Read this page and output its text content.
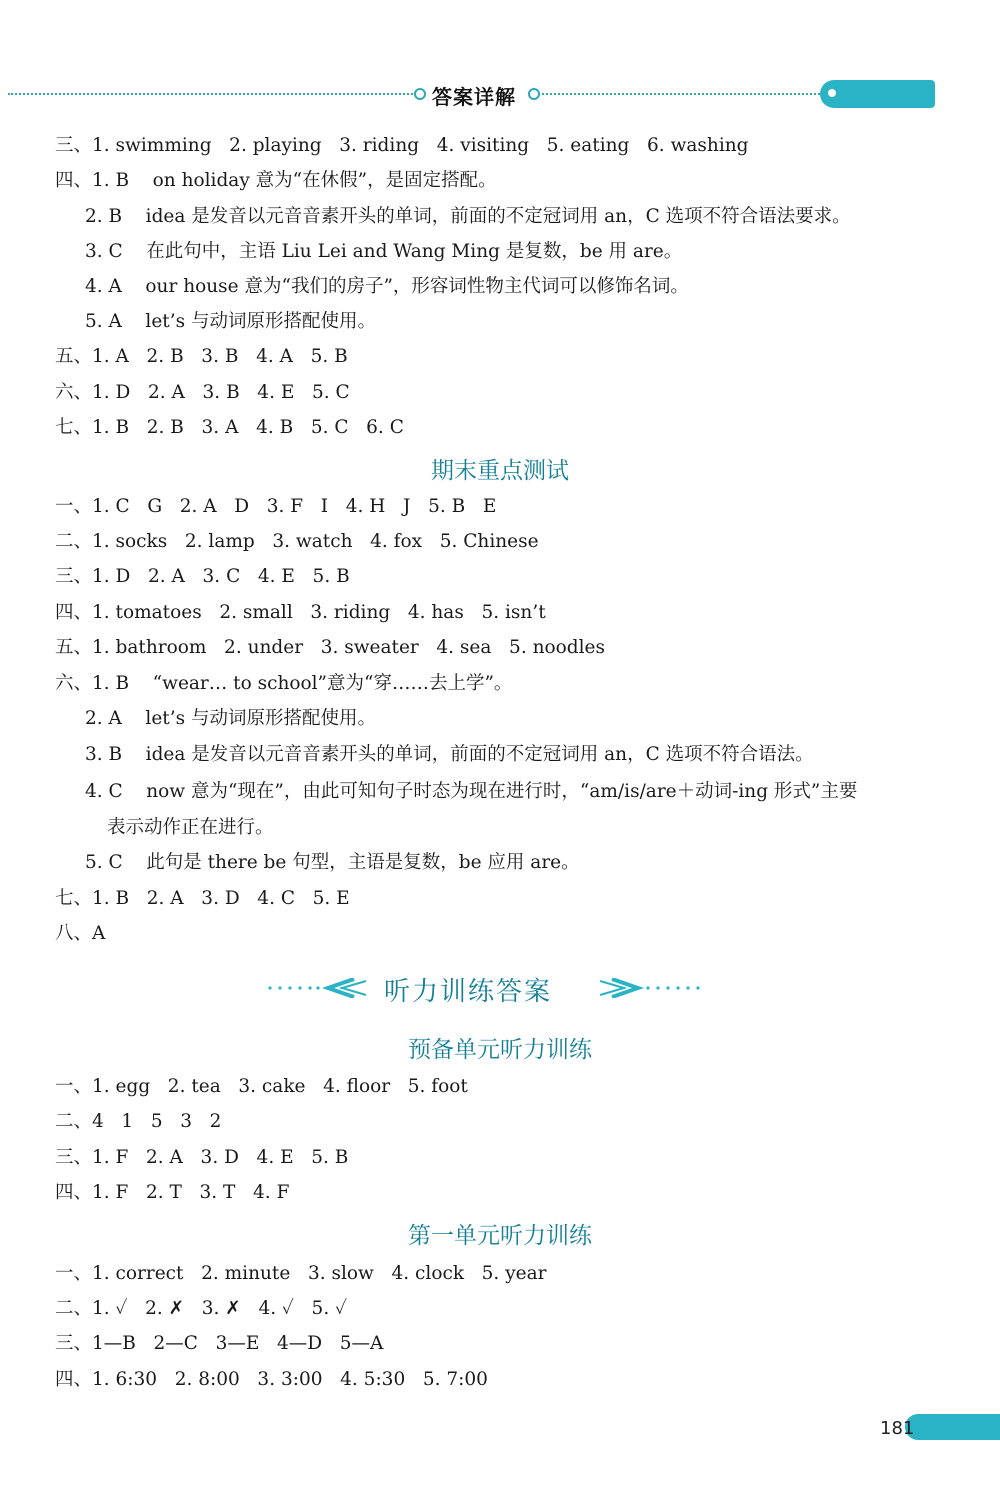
答案详解
三、1. swimming   2. playing   3. riding   4. visiting   5. eating   6. washing
四、1. B    on holiday 意为“在休假”，是固定搭配。
2. B    idea 是发音以元音音素开头的单词，前面的不定冠词用 an，C 选项不符合语法要求。
3. C    在此句中，主语 Liu Lei and Wang Ming 是复数，be 用 are。
4. A    our house 意为“我们的房子”，形容词性物主代词可以修饰名词。
5. A    let’s 与动词原形搭配使用。
五、1. A   2. B   3. B   4. A   5. B
六、1. D   2. A   3. B   4. E   5. C
七、1. B   2. B   3. A   4. B   5. C   6. C
期末重点测试
一、1. C   G   2. A   D   3. F   I   4. H   J   5. B   E
二、1. socks   2. lamp   3. watch   4. fox   5. Chinese
三、1. D   2. A   3. C   4. E   5. B
四、1. tomatoes   2. small   3. riding   4. has   5. isn’t
五、1. bathroom   2. under   3. sweater   4. sea   5. noodles
六、1. B    “wear… to school”意为“穿……去上学”。
2. A    let’s 与动词原形搭配使用。
3. B    idea 是发音以元音音素开头的单词，前面的不定冠词用 an，C 选项不符合语法。
4. C    now 意为“现在”，由此可知句子时态为现在进行时，“am/is/are＋动词-ing 形式”主要
表示动作正在进行。
5. C    此句是 there be 句型，主语是复数，be 应用 are。
七、1. B   2. A   3. D   4. C   5. E
八、A
听力训练答案
预备单元听力训练
一、1. egg   2. tea   3. cake   4. floor   5. foot
二、4   1   5   3   2
三、1. F   2. A   3. D   4. E   5. B
四、1. F   2. T   3. T   4. F
第一单元听力训练
一、1. correct   2. minute   3. slow   4. clock   5. year
二、1. ✓   2. ✗   3. ✗   4. ✓   5. ✓
三、1—B   2—C   3—E   4—D   5—A
四、1. 6:30   2. 8:00   3. 3:00   4. 5:30   5. 7:00
181
